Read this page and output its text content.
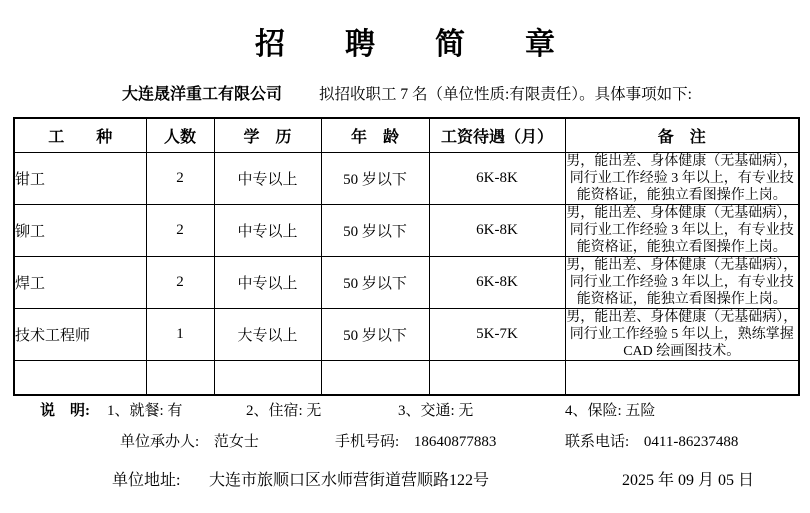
招　　聘　　简　　章
大连晟洋重工有限公司 拟招收职工 7 名（单位性质:有限责任）。具体事项如下:
工　　种	人数	学　历	年　龄	工资待遇（月）	备　注
钳工	2	中专以上	50 岁以下	6K-8K	男，能出差、身体健康（无基础病），同行业工作经验 3 年以上，有专业技能资格证，能独立看图操作上岗。
铆工	2	中专以上	50 岁以下	6K-8K	男，能出差、身体健康（无基础病），同行业工作经验 3 年以上，有专业技能资格证，能独立看图操作上岗。
焊工	2	中专以上	50 岁以下	6K-8K	男，能出差、身体健康（无基础病），同行业工作经验 3 年以上，有专业技能资格证，能独立看图操作上岗。
技术工程师	1	大专以上	50 岁以下	5K-7K	男，能出差、身体健康（无基础病），同行业工作经验 5 年以上，熟练掌握 CAD 绘画图技术。

说　明: 1、就餐: 有	2、住宿: 无	3、交通: 无	4、保险: 五险
单位承办人: 范女士	手机号码: 18640877883	联系电话: 0411-86237488
单位地址: 大连市旅顺口区水师营街道营顺路122号	2025 年 09 月 05 日
